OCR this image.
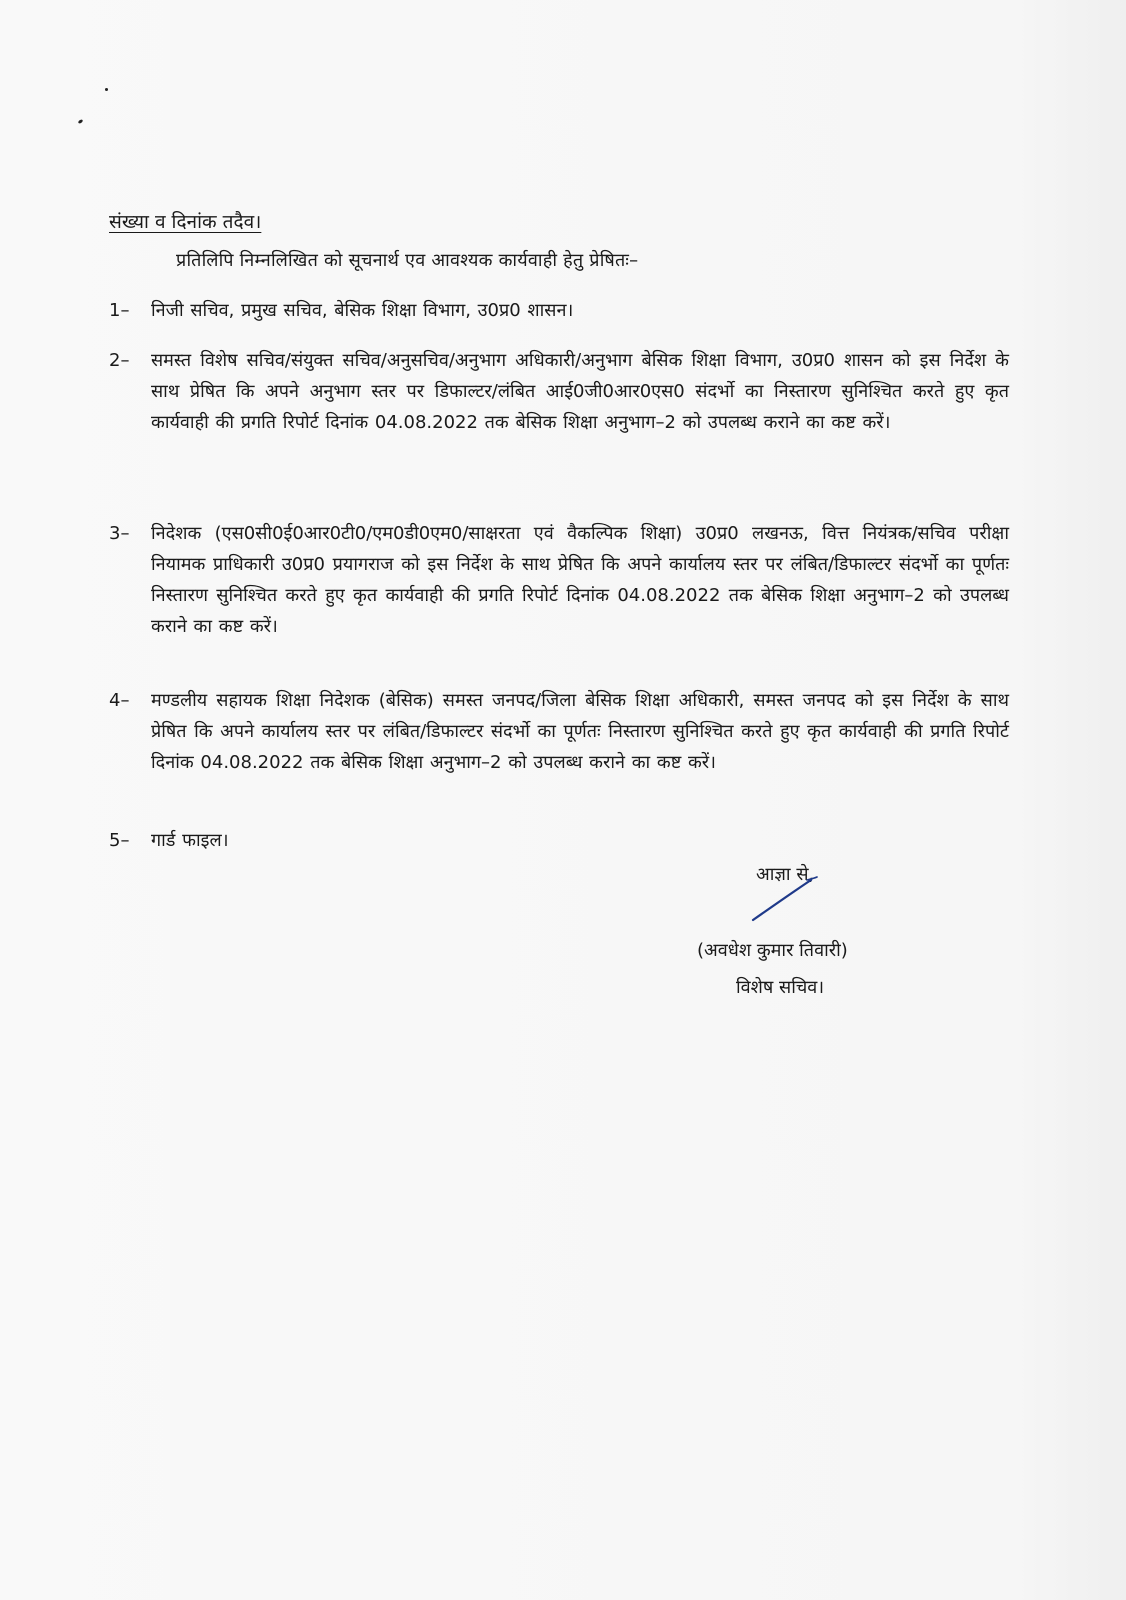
संख्या व दिनांक तदैव।
प्रतिलिपि निम्नलिखित को सूचनार्थ एव आवश्यक कार्यवाही हेतु प्रेषितः–
1–	निजी सचिव, प्रमुख सचिव, बेसिक शिक्षा विभाग, उ0प्र0 शासन।
2–	समस्त विशेष सचिव/संयुक्त सचिव/अनुसचिव/अनुभाग अधिकारी/अनुभाग बेसिक शिक्षा विभाग, उ0प्र0 शासन को इस निर्देश के साथ प्रेषित कि अपने अनुभाग स्तर पर डिफाल्टर/लंबित आई0जी0आर0एस0 संदर्भो का निस्तारण सुनिश्चित करते हुए कृत कार्यवाही की प्रगति रिपोर्ट दिनांक 04.08.2022 तक बेसिक शिक्षा अनुभाग–2 को उपलब्ध कराने का कष्ट करें।
3–	निदेशक (एस0सी0ई0आर0टी0/एम0डी0एम0/साक्षरता एवं वैकल्पिक शिक्षा) उ0प्र0 लखनऊ, वित्त नियंत्रक/सचिव परीक्षा नियामक प्राधिकारी उ0प्र0 प्रयागराज को इस निर्देश के साथ प्रेषित कि अपने कार्यालय स्तर पर लंबित/डिफाल्टर संदर्भो का पूर्णतः निस्तारण सुनिश्चित करते हुए कृत कार्यवाही की प्रगति रिपोर्ट दिनांक 04.08.2022 तक बेसिक शिक्षा अनुभाग–2 को उपलब्ध कराने का कष्ट करें।
4–	मण्डलीय सहायक शिक्षा निदेशक (बेसिक) समस्त जनपद/जिला बेसिक शिक्षा अधिकारी, समस्त जनपद को इस निर्देश के साथ प्रेषित कि अपने कार्यालय स्तर पर लंबित/डिफाल्टर संदर्भो का पूर्णतः निस्तारण सुनिश्चित करते हुए कृत कार्यवाही की प्रगति रिपोर्ट दिनांक 04.08.2022 तक बेसिक शिक्षा अनुभाग–2 को उपलब्ध कराने का कष्ट करें।
5–	गार्ड फाइल।
आज्ञा से,
(अवधेश कुमार तिवारी)
विशेष सचिव।
